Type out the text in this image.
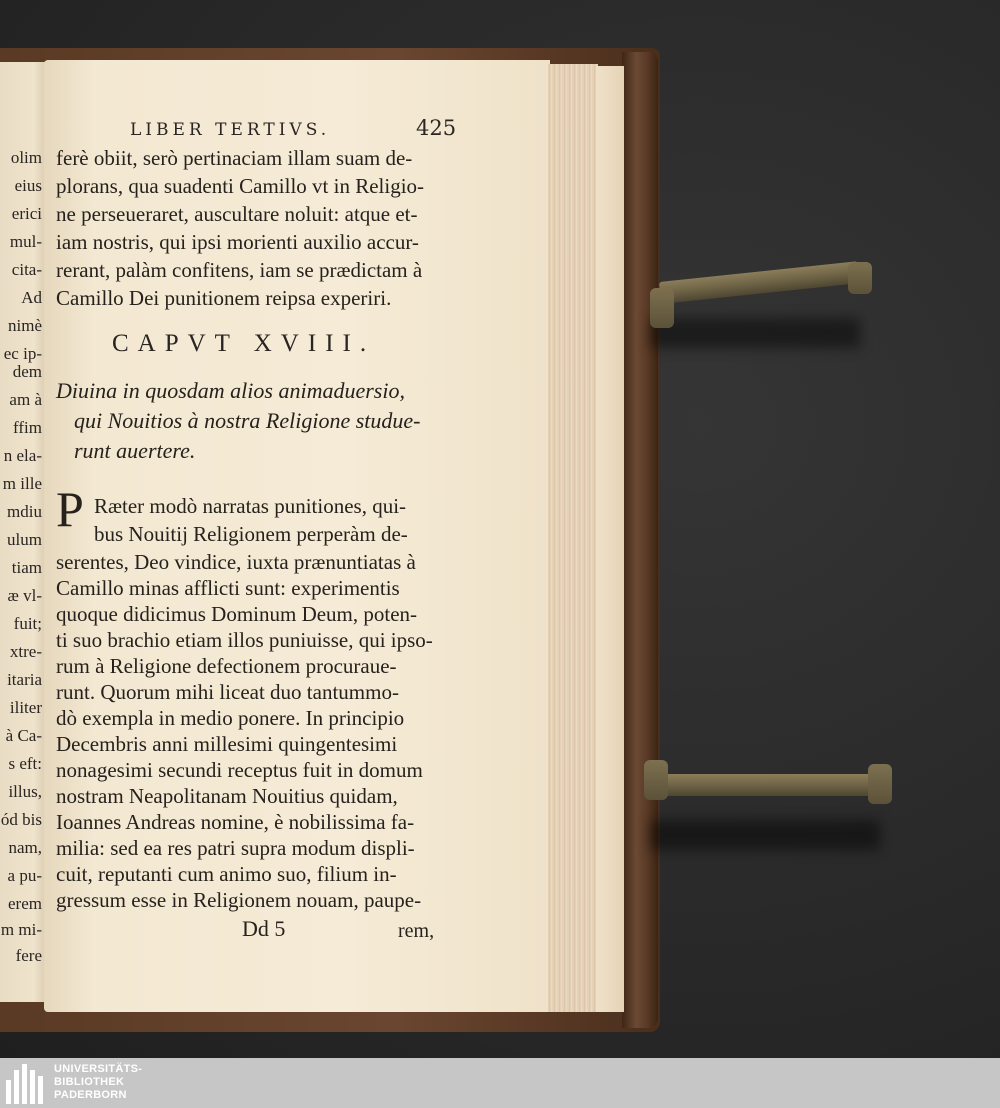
olim
eius
erici
mul-
cita-
Ad
nimè
ec ip-
dem
am à
ffim
n ela-
m ille
mdiu
ulum
tiam
æ vl-
fuit;
xtre-
itaria
iliter
à Ca-
s eft:
illus,
ód bis
nam,
a pu-
erem
m mi-
fere
LIBER TERTIVS.	425
ferè obiit, serò pertinaciam illam suam de-
plorans, qua suadenti Camillo vt in Religio-
ne perseueraret, auscultare noluit: atque et-
iam nostris, qui ipsi morienti auxilio accur-
rerant, palàm confitens, iam se prædictam à
Camillo Dei punitionem reipsa experiri.
CAPVT XVIII.
Diuina in quosdam alios animaduersio,
qui Nouitios à nostra Religione studue-
runt auertere.
P Ræter modò narratas punitiones, qui-
bus Nouitij Religionem perperàm de-
serentes, Deo vindice, iuxta prænuntiatas à
Camillo minas afflicti sunt: experimentis
quoque didicimus Dominum Deum, poten-
ti suo brachio etiam illos puniuisse, qui ipso-
rum à Religione defectionem procuraue-
runt. Quorum mihi liceat duo tantummo-
dò exempla in medio ponere. In principio
Decembris anni millesimi quingentesimi
nonagesimi secundi receptus fuit in domum
nostram Neapolitanam Nouitius quidam,
Ioannes Andreas nomine, è nobilissima fa-
milia: sed ea res patri supra modum displi-
cuit, reputanti cum animo suo, filium in-
Dd 5	rem,
gressum esse in Religionem nouam, paupe-
UNIVERSITÄTS-
BIBLIOTHEK
PADERBORN
